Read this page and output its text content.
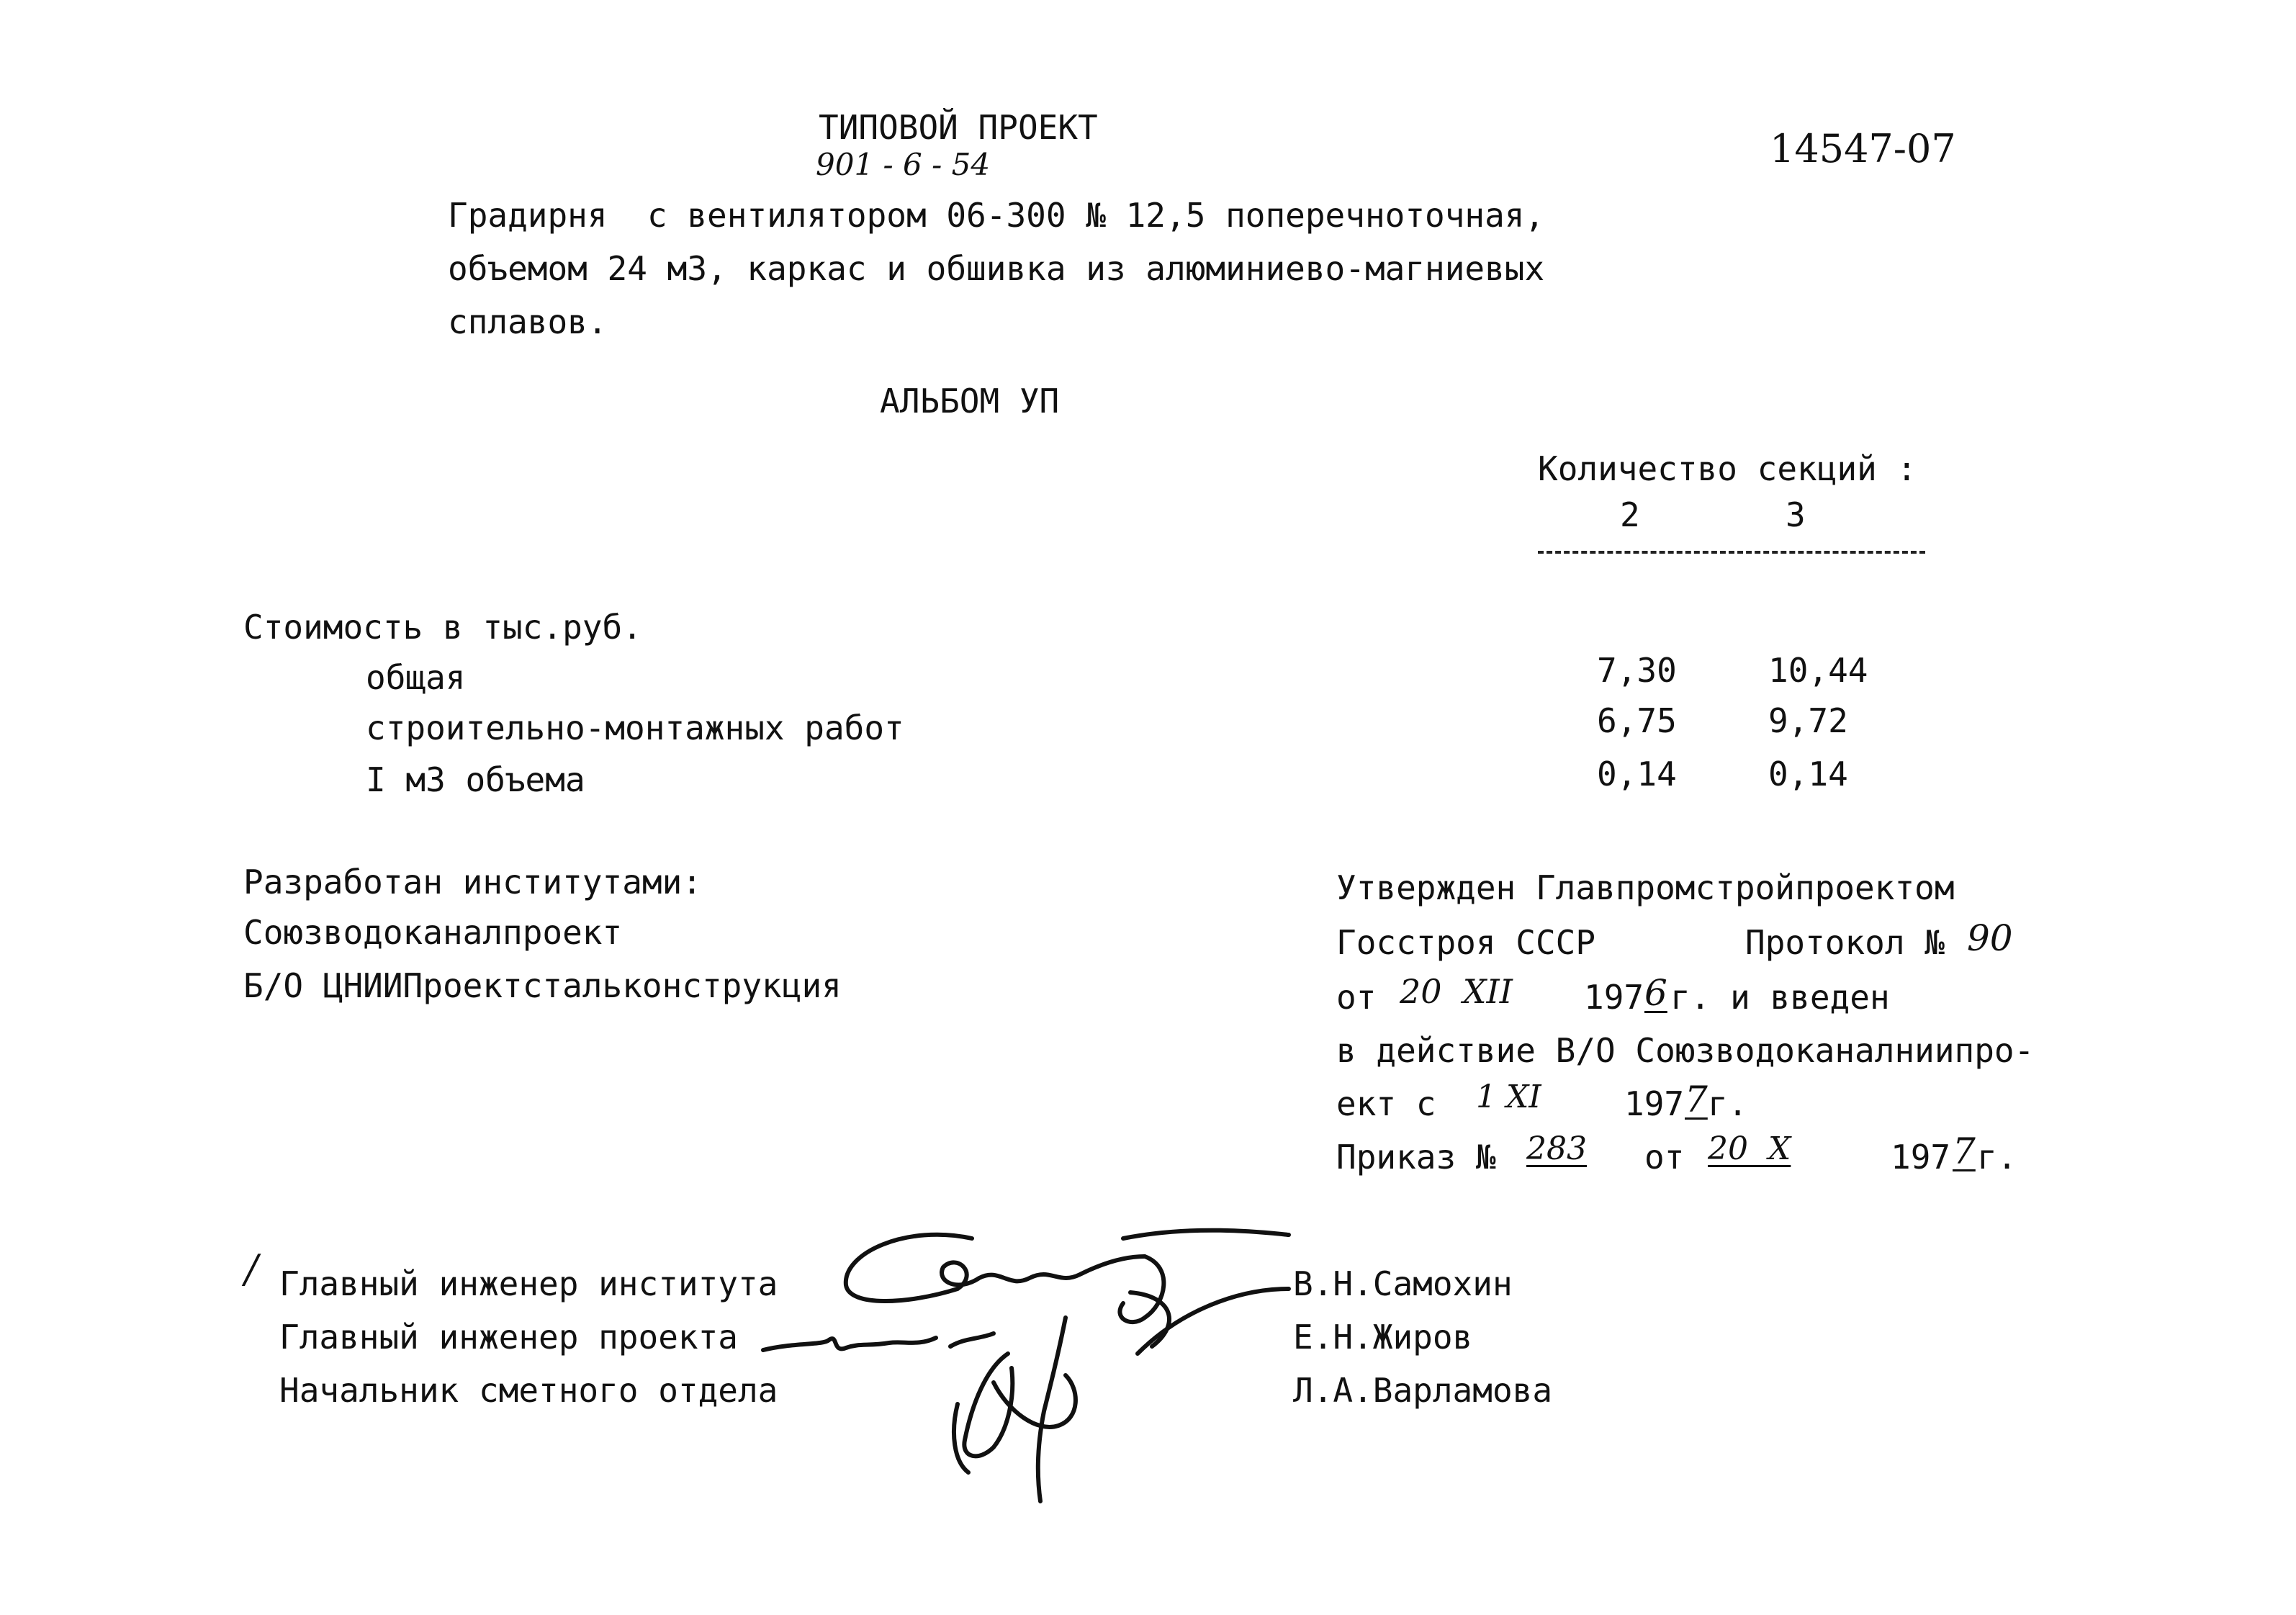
ТИПОВОЙ ПРОЕКТ
901 - 6 - 54	14547-07
Градирня  с вентилятором 06-300 № 12,5 поперечноточная,
объемом 24 м3, каркас и обшивка из алюминиево-магниевых
сплавов.
АЛЬБОМ УП
Количество секций :
2	3
Стоимость в тыс.руб.
общая	7,30	10,44
строительно-монтажных работ	6,75	9,72
I м3 объема	0,14	0,14
Разработан институтами:
Союзводоканалпроект
Б/О ЦНИИПроектстальконструкция
Утвержден Главпромстройпроектом
Госстроя СССР	Протокол № 90
от 20  XII 197 6 г. и введен
в действие В/О Союзводоканалниипро-
ект с 1 XI	197 7 г.
Приказ № 283 от 20  X	197 7 г.
/ Главный инженер института	В.Н.Самохин
Главный инженер проекта	Е.Н.Жиров
Начальник сметного отдела	Л.А.Варламова
